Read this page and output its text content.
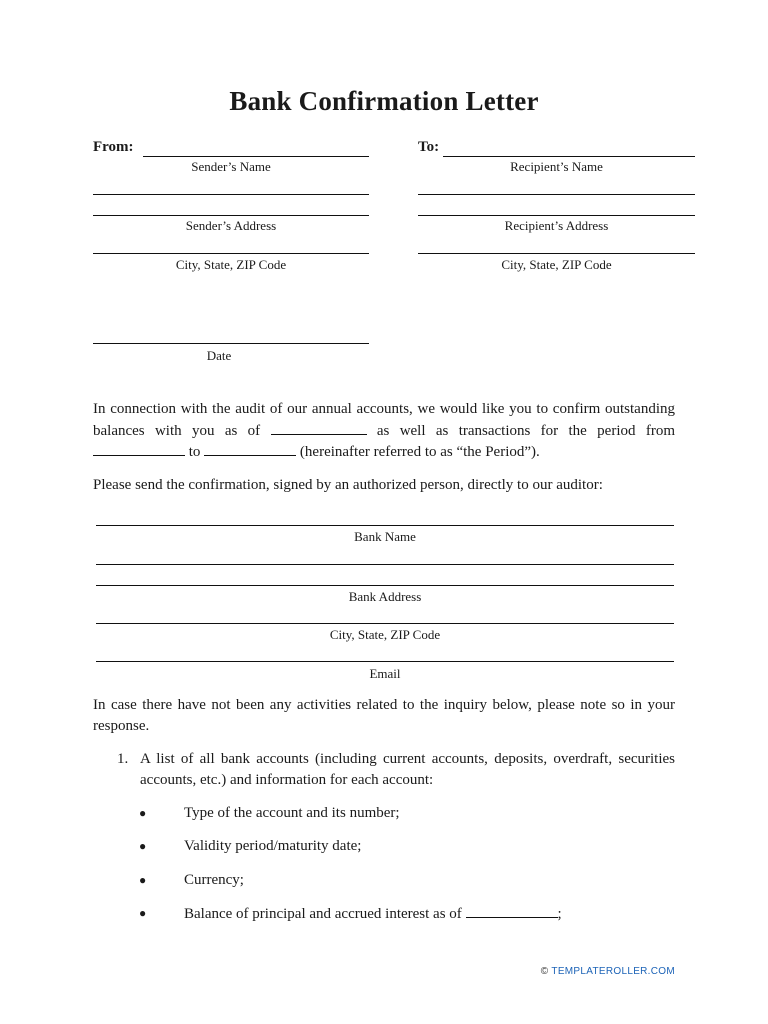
Bank Confirmation Letter
From:
Sender’s Name
Sender’s Address
City, State, ZIP Code
To:
Recipient’s Name
Recipient’s Address
City, State, ZIP Code
Date

In connection with the audit of our annual accounts, we would like you to confirm outstanding balances with you as of	as well as transactions for the period from  to	(hereinafter referred to as “the Period”).

Please send the confirmation, signed by an authorized person, directly to our auditor:
Bank Name
Bank Address
City, State, ZIP Code
Email
In case there have not been any activities related to the inquiry below, please note so in your response.
1. A list of all bank accounts (including current accounts, deposits, overdraft, securities accounts, etc.) and information for each account:
●	Type of the account and its number;
●	Validity period/maturity date;
●	Currency;
●	Balance of principal and accrued interest as of	;
© TEMPLATEROLLER.COM
